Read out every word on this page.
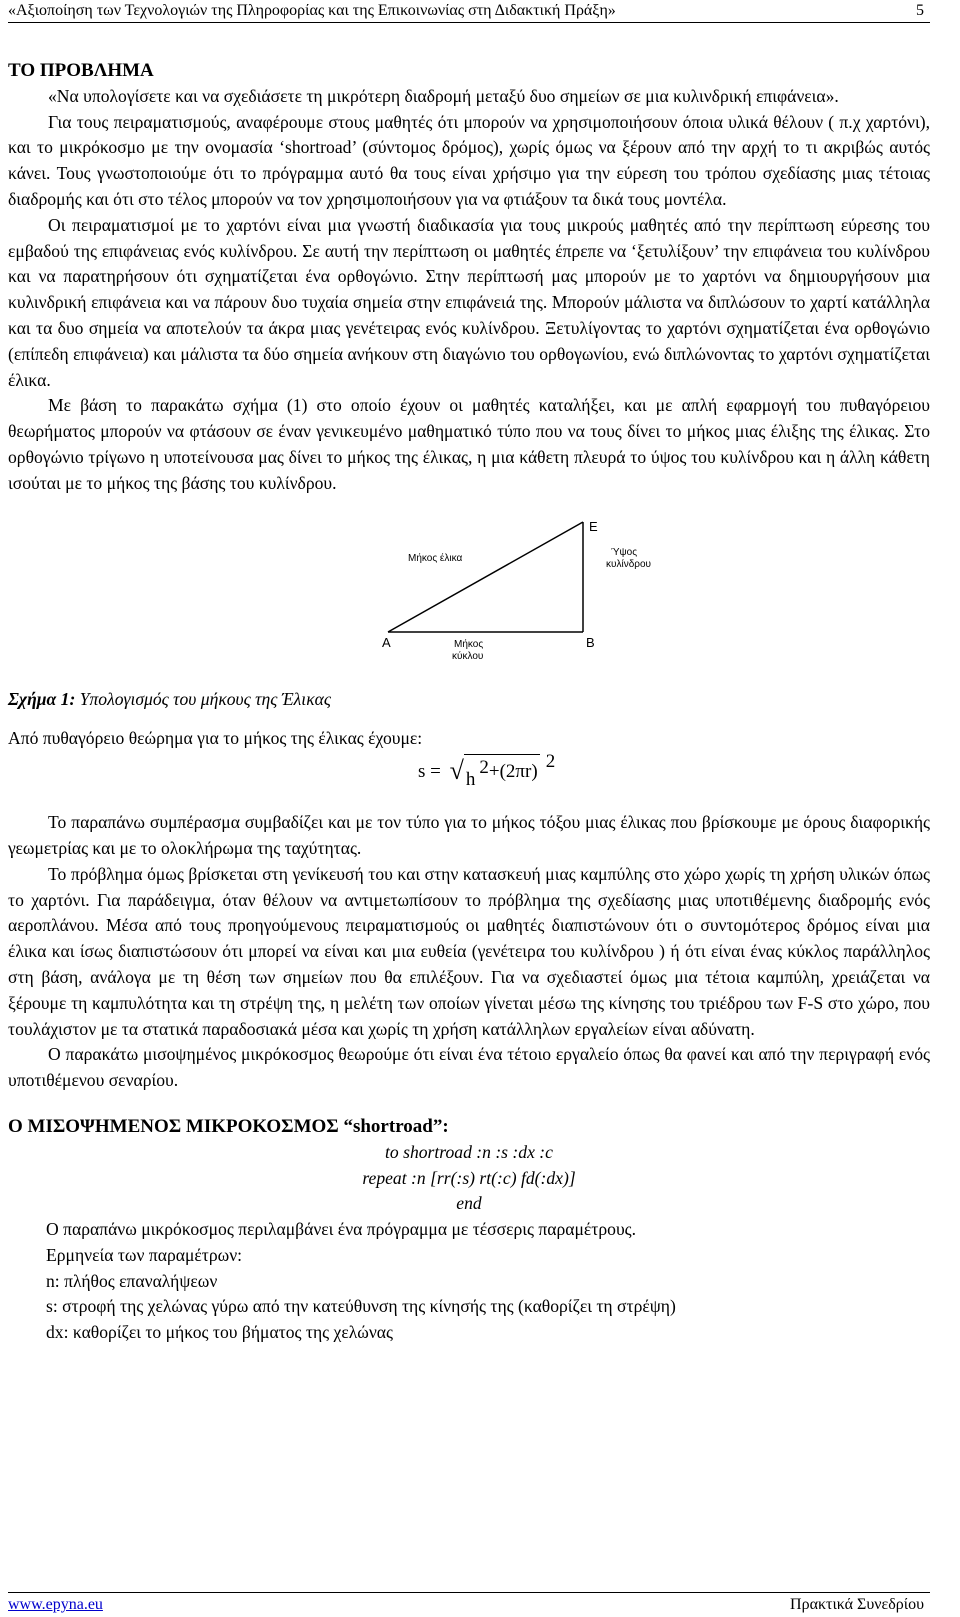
«Αξιοποίηση των Τεχνολογιών της Πληροφορίας και της Επικοινωνίας στη Διδακτική Πράξη»	5

ΤΟ ΠΡΟΒΛΗΜΑ

«Να υπολογίσετε και να σχεδιάσετε τη μικρότερη διαδρομή μεταξύ δυο σημείων σε μια κυλινδρική επιφάνεια».

Για τους πειραματισμούς, αναφέρουμε στους μαθητές ότι μπορούν να χρησιμοποιήσουν όποια υλικά θέλουν ( π.χ χαρτόνι), και το μικρόκοσμο με την ονομασία ‘shortroad’ (σύντομος δρόμος), χωρίς όμως να ξέρουν από την αρχή το τι ακριβώς αυτός κάνει. Τους γνωστοποιούμε ότι το πρόγραμμα αυτό θα τους είναι χρήσιμο για την εύρεση του τρόπου σχεδίασης μιας τέτοιας διαδρομής και ότι στο τέλος μπορούν να τον χρησιμοποιήσουν για να φτιάξουν τα δικά τους μοντέλα.

Οι πειραματισμοί με το χαρτόνι είναι μια γνωστή διαδικασία για τους μικρούς μαθητές από την περίπτωση εύρεσης του εμβαδού της επιφάνειας ενός κυλίνδρου. Σε αυτή την περίπτωση οι μαθητές έπρεπε να ‘ξετυλίξουν’ την επιφάνεια του κυλίνδρου και να παρατηρήσουν ότι σχηματίζεται ένα ορθογώνιο. Στην περίπτωσή μας μπορούν με το χαρτόνι να δημιουργήσουν μια κυλινδρική επιφάνεια και να πάρουν δυο τυχαία σημεία στην επιφάνειά της. Μπορούν μάλιστα να διπλώσουν το χαρτί κατάλληλα και τα δυο σημεία να αποτελούν τα άκρα μιας γενέτειρας ενός κυλίνδρου. Ξετυλίγοντας το χαρτόνι σχηματίζεται ένα ορθογώνιο (επίπεδη επιφάνεια) και μάλιστα τα δύο σημεία ανήκουν στη διαγώνιο του ορθογωνίου, ενώ διπλώνοντας το χαρτόνι σχηματίζεται έλικα.

Με βάση το παρακάτω σχήμα (1) στο οποίο έχουν οι μαθητές καταλήξει, και με απλή εφαρμογή του πυθαγόρειου θεωρήματος μπορούν να φτάσουν σε έναν γενικευμένο μαθηματικό τύπο που να τους δίνει το μήκος μιας έλιξης της έλικας. Στο ορθογώνιο τρίγωνο η υποτείνουσα μας δίνει το μήκος της έλικας, η μια κάθετη πλευρά το ύψος του κυλίνδρου και η άλλη κάθετη ισούται με το μήκος της βάσης του κυλίνδρου.

A	B
E
Μήκος έλικα
Ύψος
κυλίνδρου
Μήκος
κύκλου

Σχήμα 1: Υπολογισμός του μήκους της Έλικας

Από πυθαγόρειο θεώρημα για το μήκος της έλικας έχουμε:

s = √ h2+(2πr) 2

Το παραπάνω συμπέρασμα συμβαδίζει και με τον τύπο για το μήκος τόξου μιας έλικας που βρίσκουμε με όρους διαφορικής γεωμετρίας και με το ολοκλήρωμα της ταχύτητας.

Το πρόβλημα όμως βρίσκεται στη γενίκευσή του και στην κατασκευή μιας καμπύλης στο χώρο χωρίς τη χρήση υλικών όπως το χαρτόνι. Για παράδειγμα, όταν θέλουν να αντιμετωπίσουν το πρόβλημα της σχεδίασης μιας υποτιθέμενης διαδρομής ενός αεροπλάνου. Μέσα από τους προηγούμενους πειραματισμούς οι μαθητές διαπιστώνουν ότι ο συντομότερος δρόμος είναι μια έλικα και ίσως διαπιστώσουν ότι μπορεί να είναι και μια ευθεία (γενέτειρα του κυλίνδρου ) ή ότι είναι ένας κύκλος παράλληλος στη βάση, ανάλογα με τη θέση των σημείων που θα επιλέξουν. Για να σχεδιαστεί όμως μια τέτοια καμπύλη, χρειάζεται να ξέρουμε τη καμπυλότητα και τη στρέψη της, η μελέτη των οποίων γίνεται μέσω της κίνησης του τριέδρου των F-S στο χώρο, που τουλάχιστον με τα στατικά παραδοσιακά μέσα και χωρίς τη χρήση κατάλληλων εργαλείων είναι αδύνατη.

Ο παρακάτω μισοψημένος μικρόκοσμος θεωρούμε ότι είναι ένα τέτοιο εργαλείο όπως θα φανεί και από την περιγραφή ενός υποτιθέμενου σεναρίου.

Ο ΜΙΣΟΨΗΜΕΝΟΣ ΜΙΚΡΟΚΟΣΜΟΣ “shortroad”:

to shortroad :n :s :dx :c

repeat :n [rr(:s) rt(:c) fd(:dx)]

end

Ο παραπάνω μικρόκοσμος περιλαμβάνει ένα πρόγραμμα με τέσσερις παραμέτρους.

Ερμηνεία των παραμέτρων:

n: πλήθος επαναλήψεων

s: στροφή της χελώνας γύρω από την κατεύθυνση της κίνησής της (καθορίζει τη στρέψη)

dx: καθορίζει το μήκος του βήματος της χελώνας

www.epyna.eu	Πρακτικά Συνεδρίου
